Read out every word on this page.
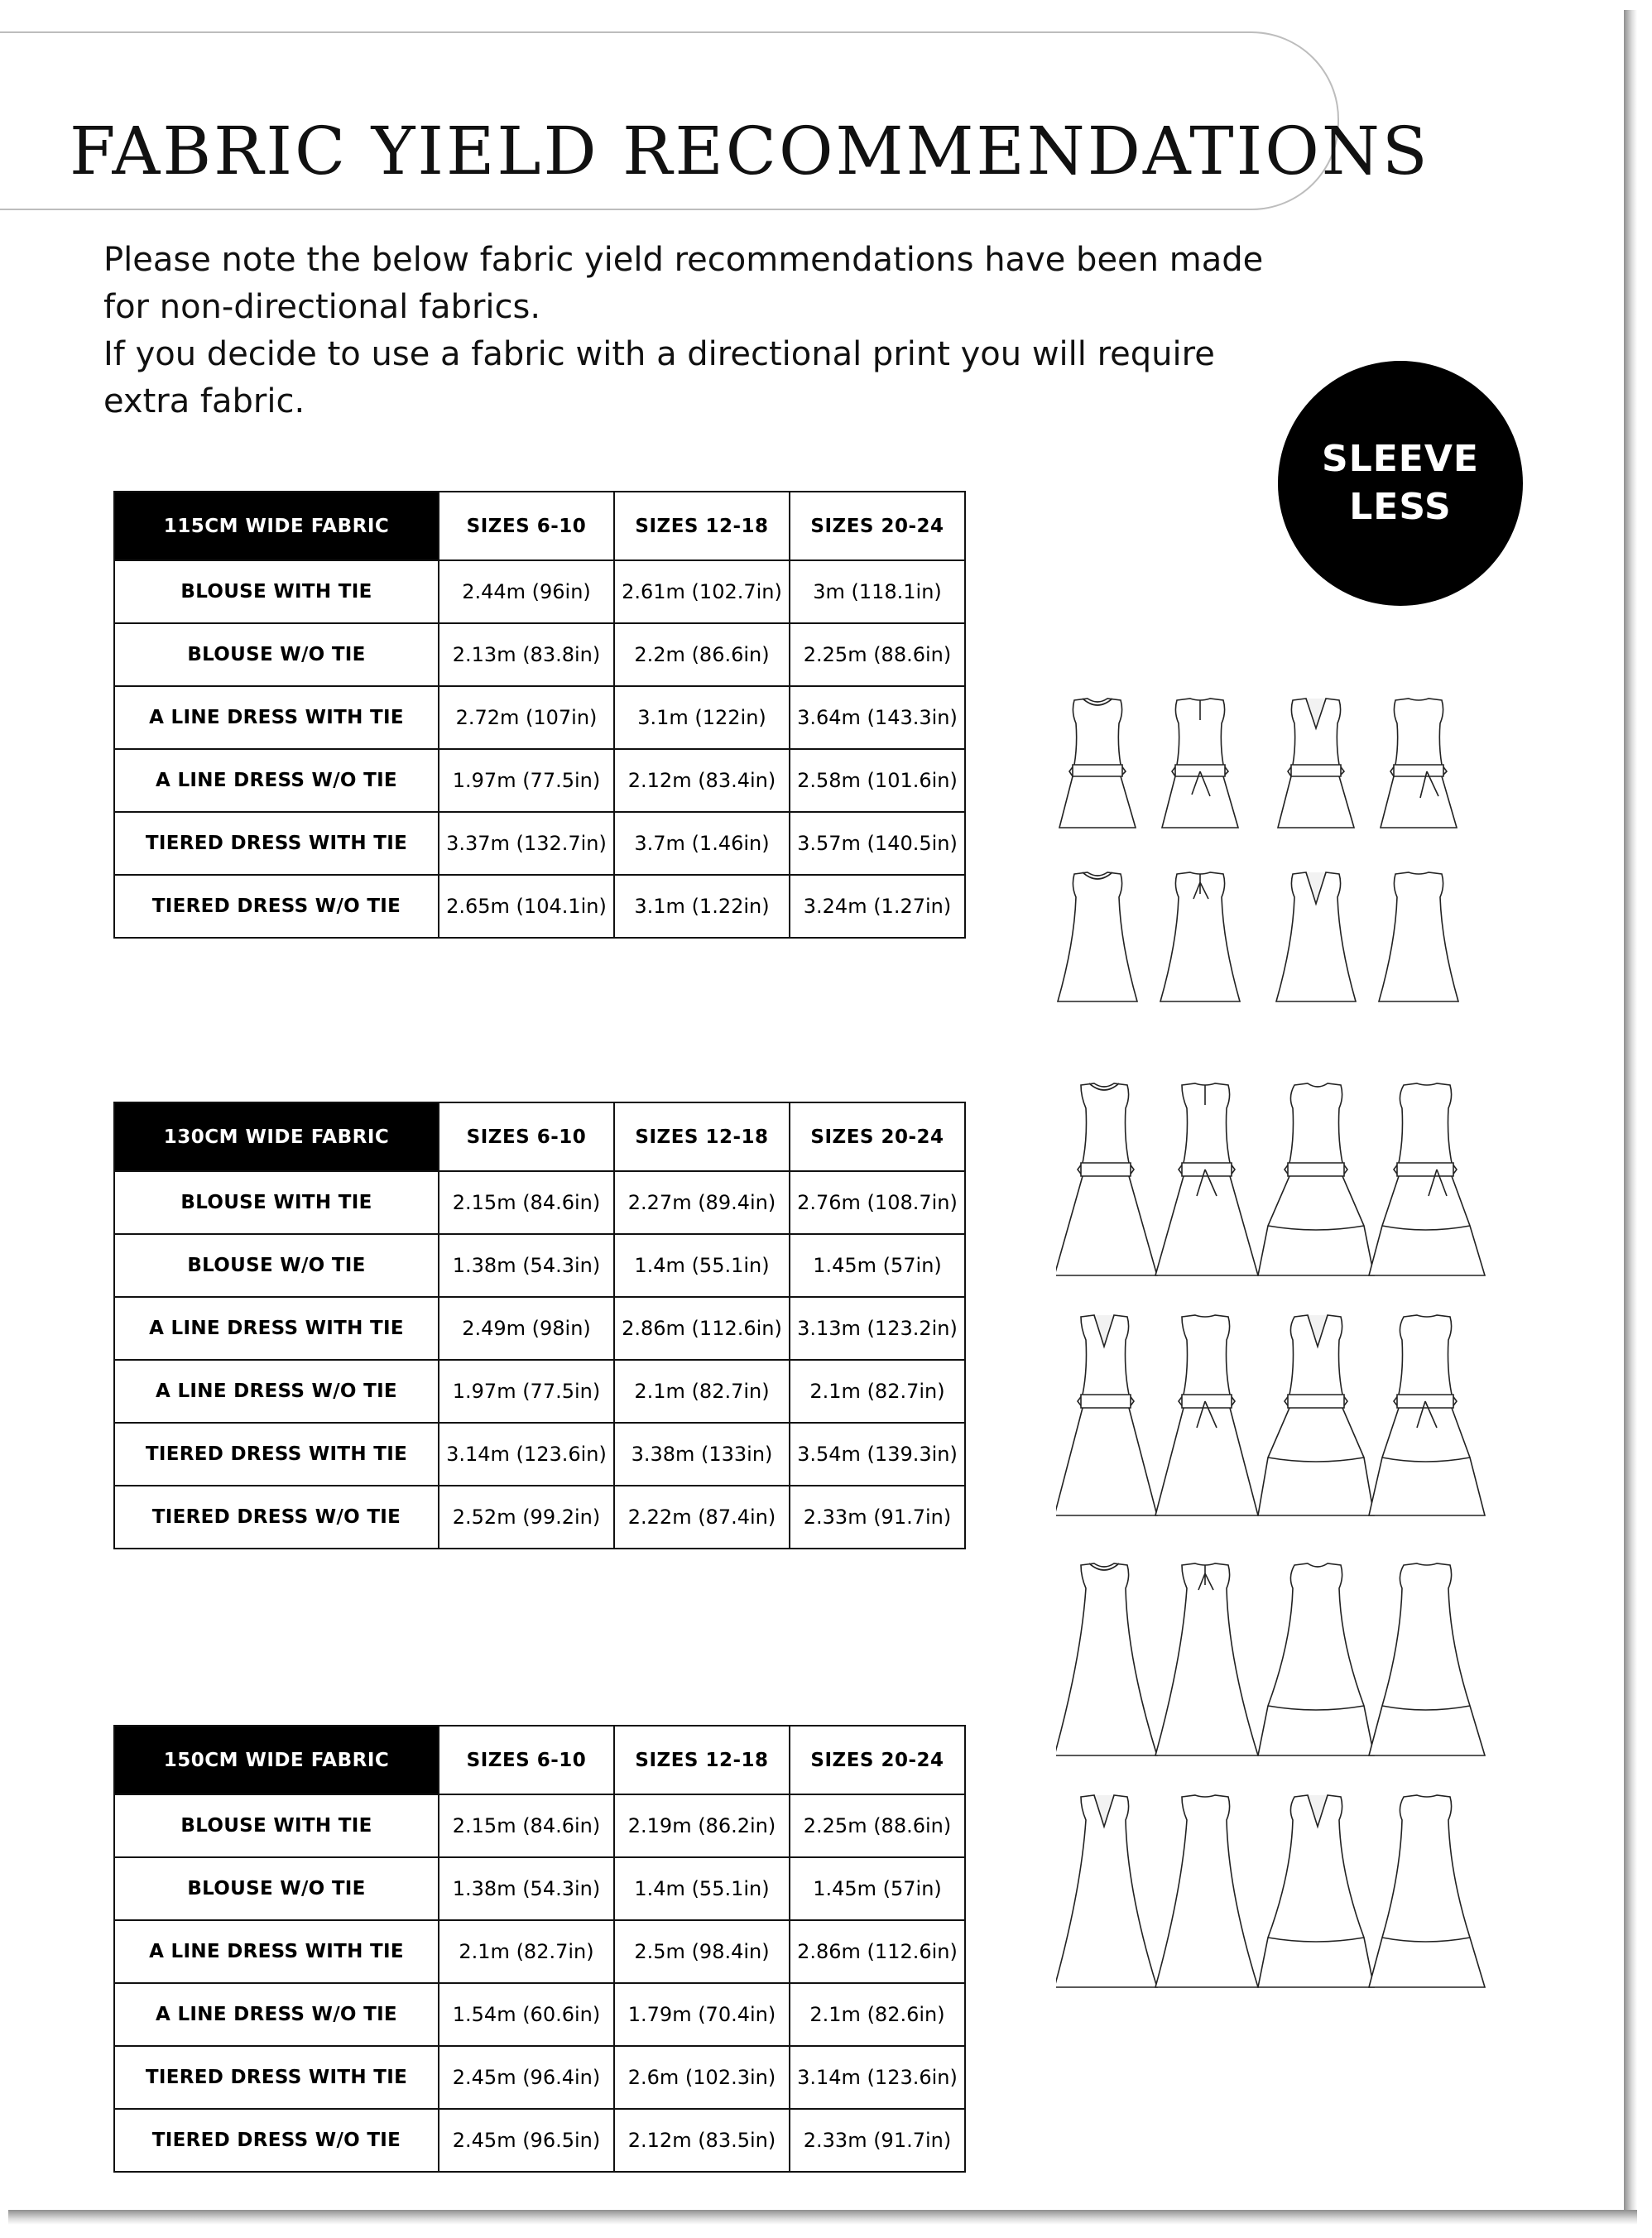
FABRIC YIELD RECOMMENDATIONS

Please note the below fabric yield recommendations have been made for non-directional fabrics.

If you decide to use a fabric with a directional print you will require extra fabric.

SLEEVE
LESS
115CM WIDE FABRIC	SIZES 6-10	SIZES 12-18	SIZES 20-24
BLOUSE WITH TIE	2.44m (96in)	2.61m (102.7in)	3m (118.1in)
BLOUSE W/O TIE	2.13m (83.8in)	2.2m (86.6in)	2.25m (88.6in)
A LINE DRESS WITH TIE	2.72m (107in)	3.1m (122in)	3.64m (143.3in)
A LINE DRESS W/O TIE	1.97m (77.5in)	2.12m (83.4in)	2.58m (101.6in)
TIERED DRESS WITH TIE	3.37m (132.7in)	3.7m (1.46in)	3.57m (140.5in)
TIERED DRESS W/O TIE	2.65m (104.1in)	3.1m (1.22in)	3.24m (1.27in)
130CM WIDE FABRIC	SIZES 6-10	SIZES 12-18	SIZES 20-24
BLOUSE WITH TIE	2.15m (84.6in)	2.27m (89.4in)	2.76m (108.7in)
BLOUSE W/O TIE	1.38m (54.3in)	1.4m (55.1in)	1.45m (57in)
A LINE DRESS WITH TIE	2.49m (98in)	2.86m (112.6in)	3.13m (123.2in)
A LINE DRESS W/O TIE	1.97m (77.5in)	2.1m (82.7in)	2.1m (82.7in)
TIERED DRESS WITH TIE	3.14m (123.6in)	3.38m (133in)	3.54m (139.3in)
TIERED DRESS W/O TIE	2.52m (99.2in)	2.22m (87.4in)	2.33m (91.7in)
150CM WIDE FABRIC	SIZES 6-10	SIZES 12-18	SIZES 20-24
BLOUSE WITH TIE	2.15m (84.6in)	2.19m (86.2in)	2.25m (88.6in)
BLOUSE W/O TIE	1.38m (54.3in)	1.4m (55.1in)	1.45m (57in)
A LINE DRESS WITH TIE	2.1m (82.7in)	2.5m (98.4in)	2.86m (112.6in)
A LINE DRESS W/O TIE	1.54m (60.6in)	1.79m (70.4in)	2.1m (82.6in)
TIERED DRESS WITH TIE	2.45m (96.4in)	2.6m (102.3in)	3.14m (123.6in)
TIERED DRESS W/O TIE	2.45m (96.5in)	2.12m (83.5in)	2.33m (91.7in)
